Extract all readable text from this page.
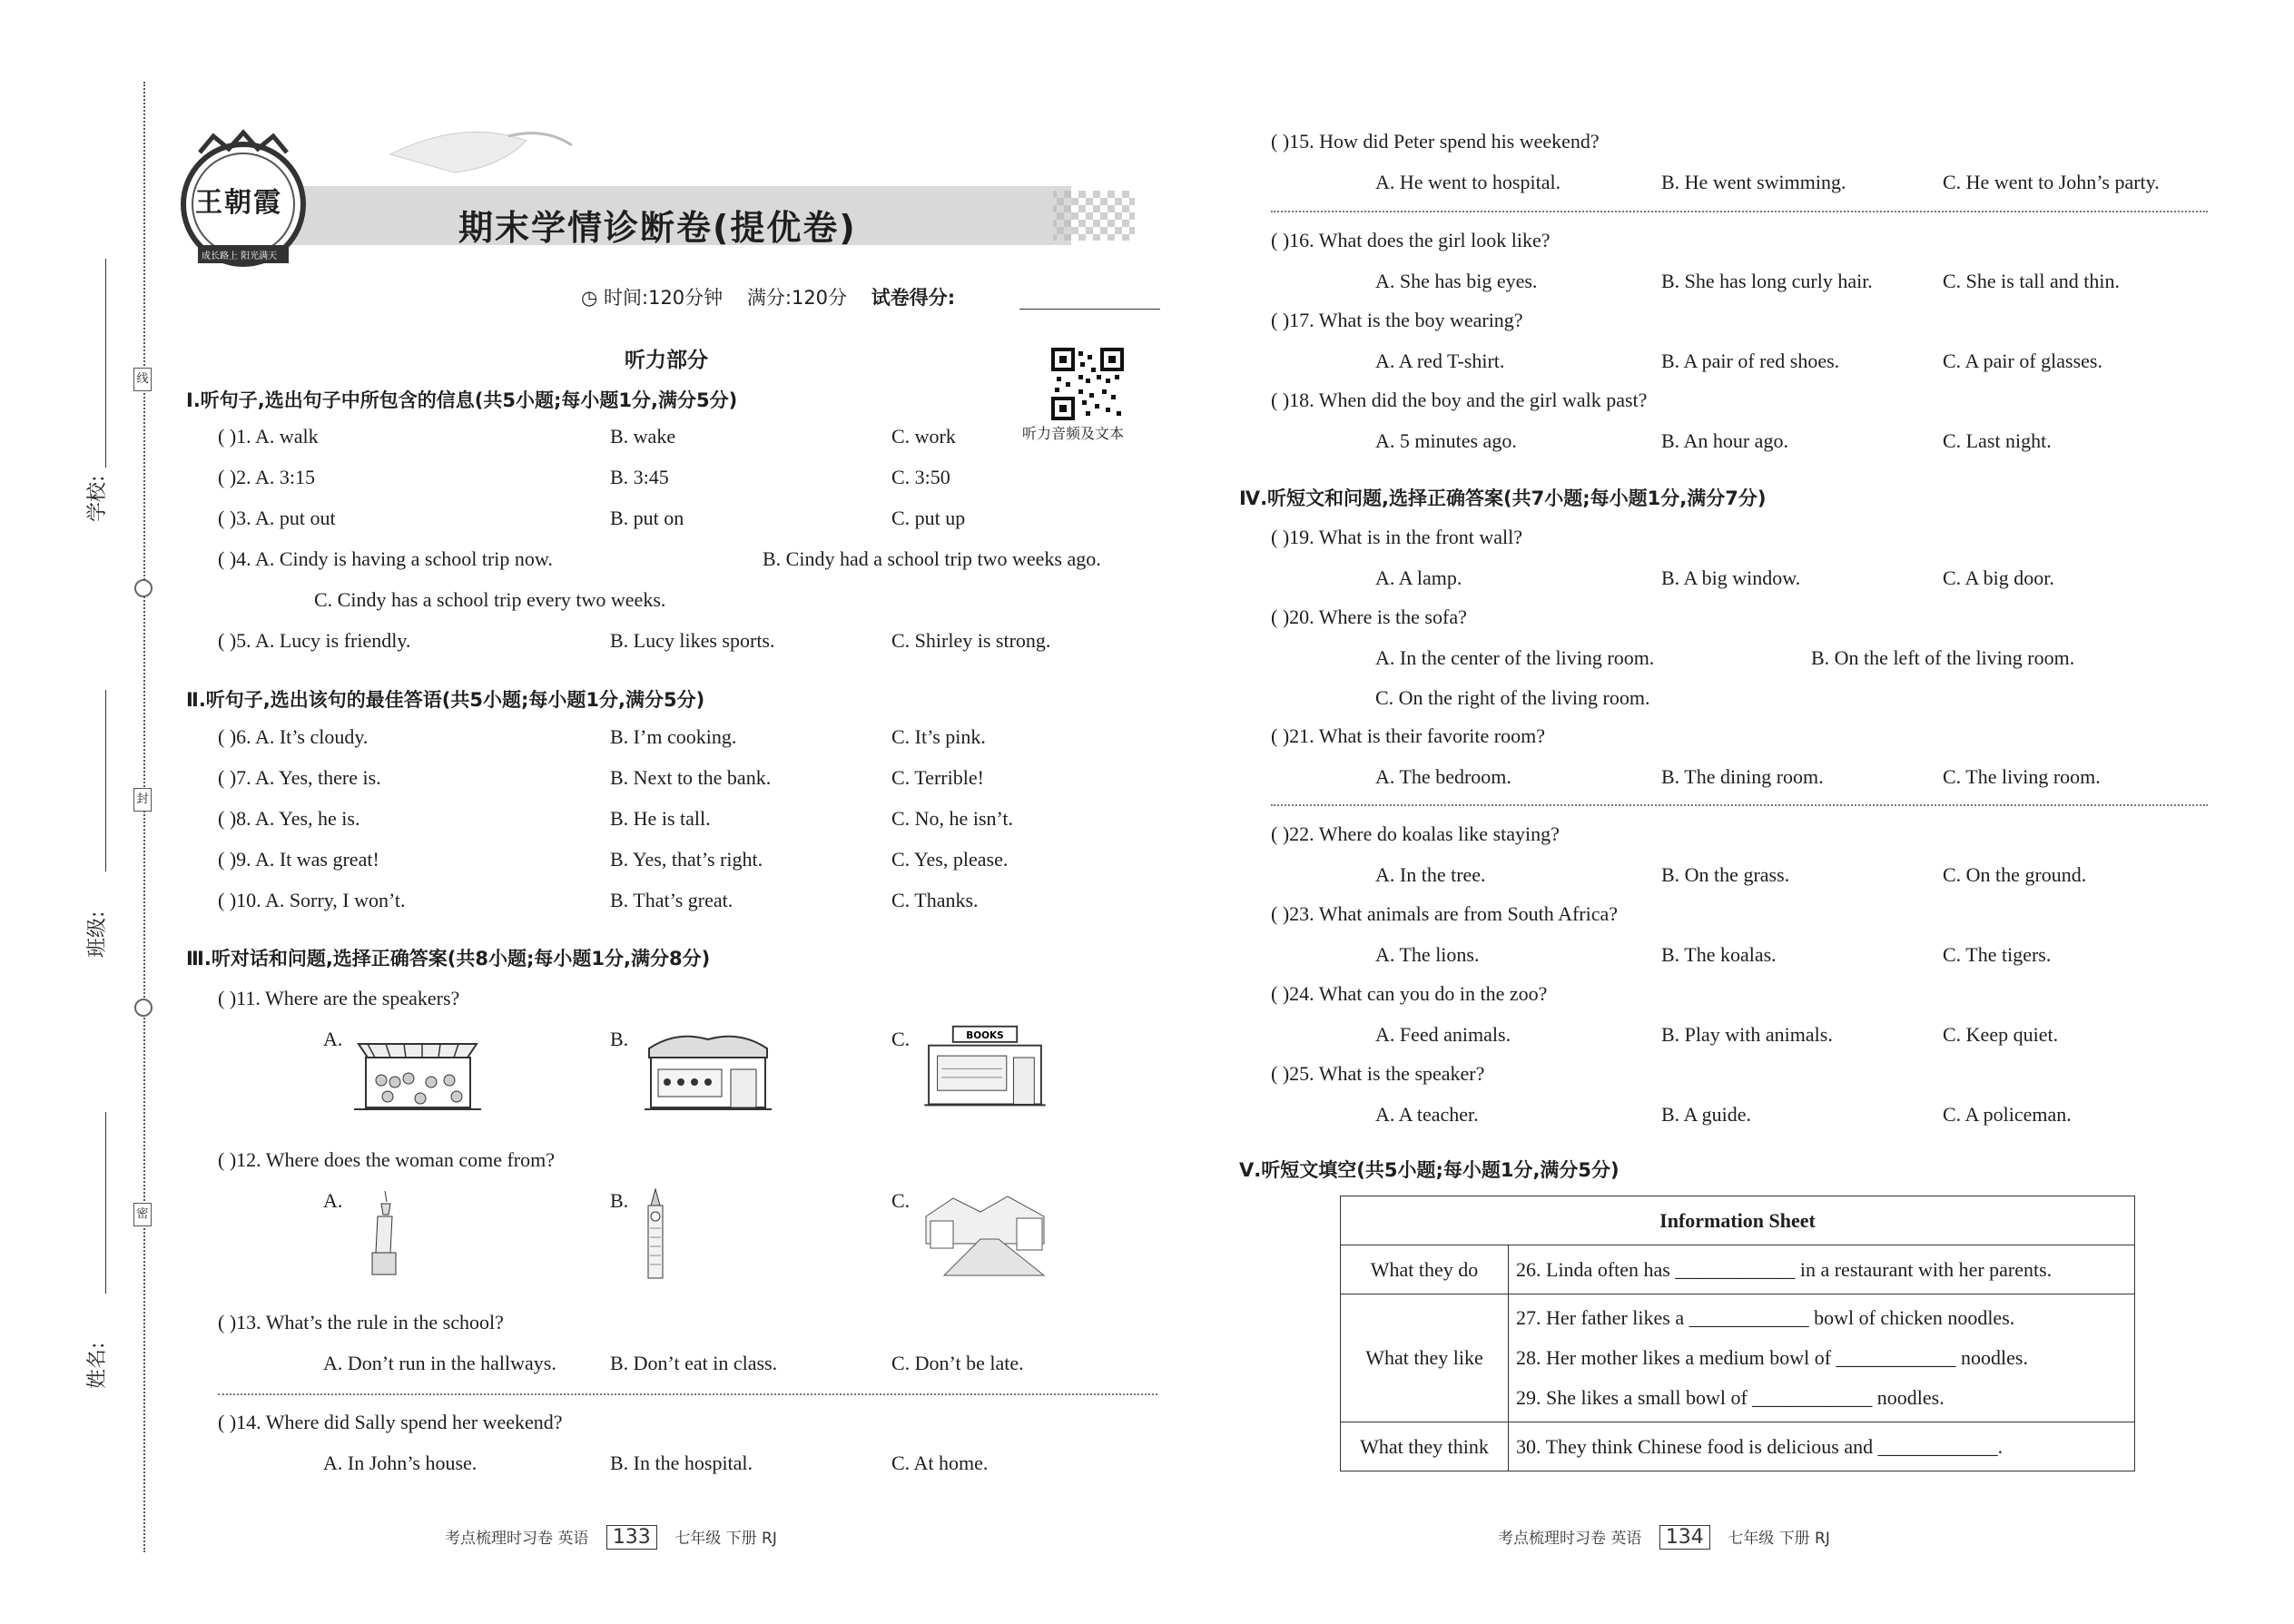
线
封
密
学校:
班级:
姓名:
王朝霞
成长路上 阳光满天
期末学情诊断卷(提优卷)
◷ 时间:120分钟 满分:120分 试卷得分:
听力部分
听力音频及文本
Ⅰ.听句子,选出句子中所包含的信息(共5小题;每小题1分,满分5分)
( )1. A. walk	B. wake	C. work
( )2. A. 3:15	B. 3:45	C. 3:50
( )3. A. put out	B. put on	C. put up
( )4. A. Cindy is having a school trip now.	B. Cindy had a school trip two weeks ago.
C. Cindy has a school trip every two weeks.
( )5. A. Lucy is friendly.	B. Lucy likes sports.	C. Shirley is strong.
Ⅱ.听句子,选出该句的最佳答语(共5小题;每小题1分,满分5分)
( )6. A. It’s cloudy.	B. I’m cooking.	C. It’s pink.
( )7. A. Yes, there is.	B. Next to the bank.	C. Terrible!
( )8. A. Yes, he is.	B. He is tall.	C. No, he isn’t.
( )9. A. It was great!	B. Yes, that’s right.	C. Yes, please.
( )10. A. Sorry, I won’t.	B. That’s great.	C. Thanks.
Ⅲ.听对话和问题,选择正确答案(共8小题;每小题1分,满分8分)
( )11. Where are the speakers?
A.	B.	C.	BOOKS
( )12. Where does the woman come from?
A.	B.	C.
( )13. What’s the rule in the school?
A. Don’t run in the hallways.	B. Don’t eat in class.	C. Don’t be late.
( )14. Where did Sally spend her weekend?
A. In John’s house.	B. In the hospital.	C. At home.
( )15. How did Peter spend his weekend?
A. He went to hospital.	B. He went swimming.	C. He went to John’s party.
( )16. What does the girl look like?
A. She has big eyes.	B. She has long curly hair.	C. She is tall and thin.
( )17. What is the boy wearing?
A. A red T-shirt.	B. A pair of red shoes.	C. A pair of glasses.
( )18. When did the boy and the girl walk past?
A. 5 minutes ago.	B. An hour ago.	C. Last night.
Ⅳ.听短文和问题,选择正确答案(共7小题;每小题1分,满分7分)
( )19. What is in the front wall?
A. A lamp.	B. A big window.	C. A big door.
( )20. Where is the sofa?
A. In the center of the living room.	B. On the left of the living room.
C. On the right of the living room.
( )21. What is their favorite room?
A. The bedroom.	B. The dining room.	C. The living room.
( )22. Where do koalas like staying?
A. In the tree.	B. On the grass.	C. On the ground.
( )23. What animals are from South Africa?
A. The lions.	B. The koalas.	C. The tigers.
( )24. What can you do in the zoo?
A. Feed animals.	B. Play with animals.	C. Keep quiet.
( )25. What is the speaker?
A. A teacher.	B. A guide.	C. A policeman.
Ⅴ.听短文填空(共5小题;每小题1分,满分5分)
Information Sheet	
What they do	26. Linda often has ____________ in a restaurant with her parents.
What they like	27. Her father likes a ____________ bowl of chicken noodles.
28. Her mother likes a medium bowl of ____________ noodles.
29. She likes a small bowl of ____________ noodles.

What they think	30. They think Chinese food is delicious and ____________.
考点梳理时习卷 英语 133 七年级 下册 RJ	考点梳理时习卷 英语 134 七年级 下册 RJ
